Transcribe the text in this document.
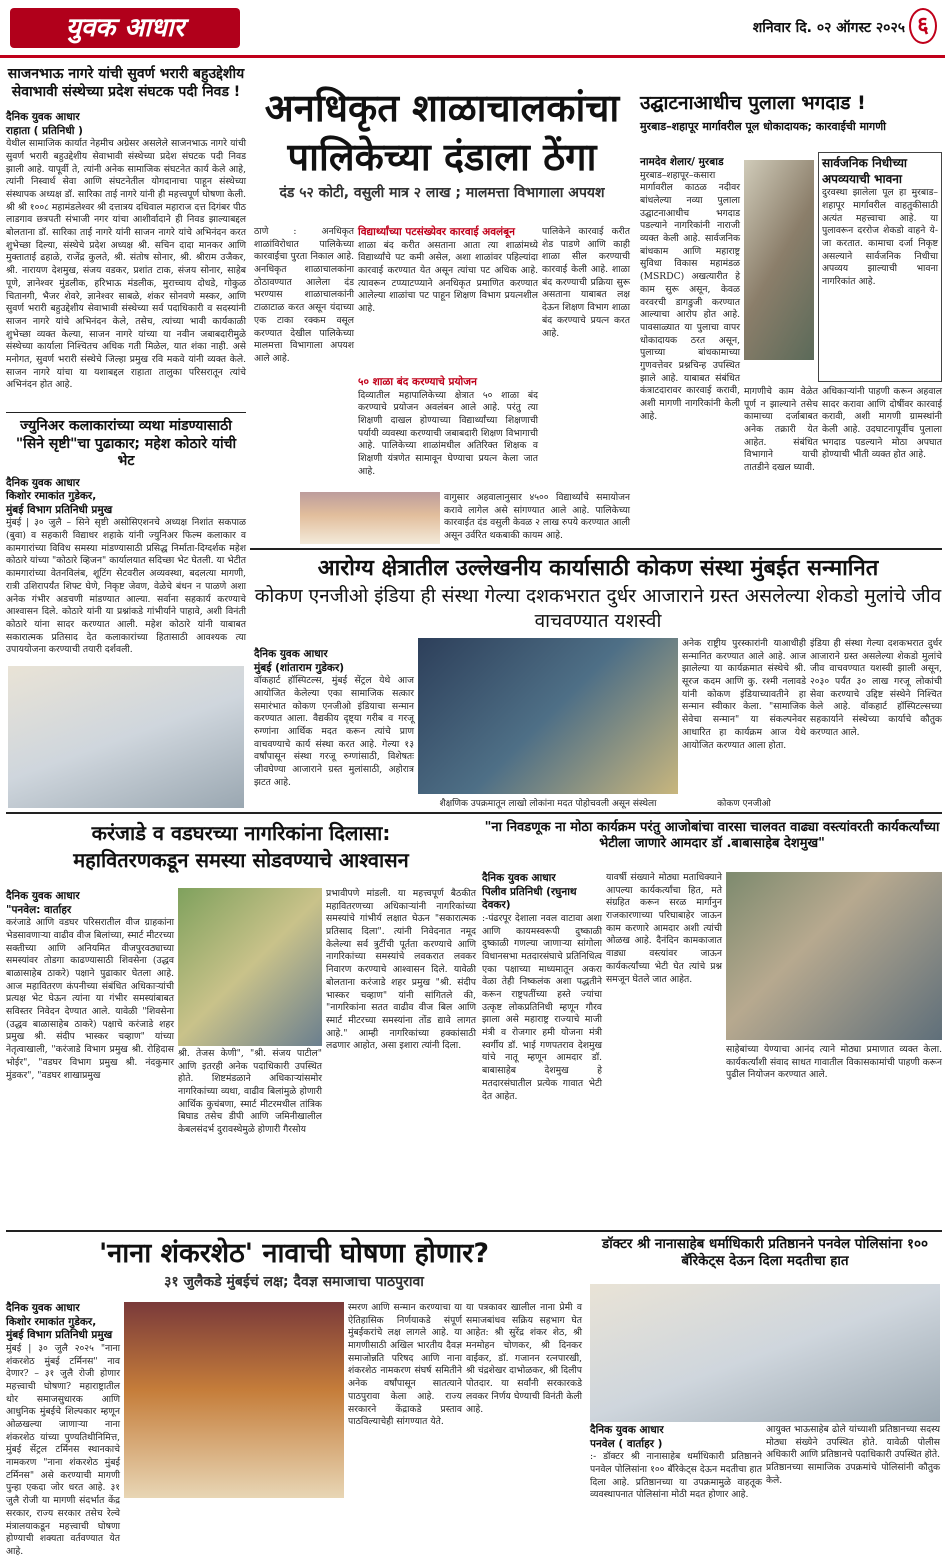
युवक आधार	शनिवार दि. ०२ ऑगस्ट २०२५ ६
साजनभाऊ नागरे यांची सुवर्ण भरारी बहुउद्देशीय सेवाभावी संस्थेच्या प्रदेश संघटक पदी निवड !
दैनिक युवक आधार
राहाता ( प्रतिनिधी )
येथील सामाजिक कार्यात नेहमीच अग्रेसर असलेले साजनभाऊ नागरे यांची सुवर्ण भरारी बहुउद्देशीय सेवाभावी संस्थेच्या प्रदेश संघटक पदी निवड झाली आहे. यापूर्वी ते, त्यांनी अनेक सामाजिक संघटनेत कार्य केले आहे, त्यांनी निस्वार्थ सेवा आणि संघटनेतील योगदानाचा पाहून संस्थेच्या संस्थापक अध्यक्ष डॉ. सारिका ताई नागरे यांनी ही महत्त्वपूर्ण घोषणा केली. श्री श्री १००८ महामंडलेश्वर श्री दत्तात्रय दधिवाल महाराज दत्त दिगंबर पीठ लाडगाव छत्रपती संभाजी नगर यांचा आशीर्वादाने ही निवड झाल्याबद्दल बोलताना डॉ. सारिका ताई नागरे यांनी साजन नागरे यांचे अभिनंदन करत शुभेच्छा दिल्या, संस्थेचे प्रदेश अध्यक्ष श्री. सचिन दादा मानकर आणि मुक्ताताई ढहाळे, राजेंद्र कुलते, श्री. संतोष सोनार, श्री. श्रीराम उजैकर, श्री. नारायण देशमुख, संजय वडकर, प्रशांत टाक, संजय सोनार, साहेब पूणे, ज्ञानेश्वर मुंडलीक, हरिभाऊ मंडलीक, मुराच्चाय दोधडे, गोकुळ चितानगी, भैजर शेवरे, ज्ञानेश्वर साबळे, शंकर सोनवणे मस्कर, आणि सुवर्ण भरारी बहुउद्देशीय सेवाभावी संस्थेच्या सर्व पदाधिकारी व सदस्यांनी साजन नागरे यांचे अभिनंदन केले, तसेच, त्यांच्या भावी कार्यकाळी शुभेच्छा व्यक्त केल्या, साजन नागरे यांच्या या नवीन जबाबदारीमुळे संस्थेच्या कार्याला निश्चितच अधिक गती मिळेल, यात शंका नाही. असे मनोगत, सुवर्ण भरारी संस्थेचे जिल्हा प्रमुख रवि मकवे यांनी व्यक्त केले. साजन नागरे यांचा या यशाबद्दल राहाता तालुका परिसरातून त्यांचे अभिनंदन होत आहे.
ज्युनिअर कलाकारांच्या व्यथा मांडण्यासाठी "सिने सृष्टी"चा पुढाकार; महेश कोठारे यांची भेट
दैनिक युवक आधार
किशोर रमाकांत गुडेकर,
मुंबई विभाग प्रतिनिधी प्रमुख
मुंबई | ३० जुलै – सिने सृष्टी असोसिएशनचे अध्यक्ष निशांत सकपाळ (बुवा) व सहकारी विद्याधर शहाके यांनी ज्युनिअर फिल्म कलाकार व कामगारांच्या विविध समस्या मांडण्यासाठी प्रसिद्ध निर्माता-दिग्दर्शक महेश कोठारे यांच्या "कोठारे व्हिजन" कार्यालयात सदिच्छा भेट घेतली. या भेटीत कामगारांच्या वेतनविलंब, शूटिंग सेटवरील अव्यवस्था, बदलत्या मागणी, रात्री उशिरापर्यंत शिफ्ट घेणे, निकृष्ट जेवण, वेळेचे बंधन न पाळणे अशा अनेक गंभीर अडचणी मांडण्यात आल्या. सर्वाना सहकार्य करण्याचे आश्वासन दिले. कोठारे यांनी या प्रश्नांकडे गांभीर्याने पाहावे, अशी विनंती कोठारे यांना सादर करण्यात आली. महेश कोठारे यांनी याबाबत सकारात्मक प्रतिसाद देत कलाकारांच्या हितासाठी आवश्यक त्या उपाययोजना करण्याची तयारी दर्शवली.
अनधिकृत शाळाचालकांचा
पालिकेच्या दंडाला ठेंगा
दंड ५२ कोटी, वसुली मात्र २ लाख ; मालमत्ता विभागाला अपयश
ठाणे : अनधिकृत शाळांविरोधात पालिकेच्या कारवाईचा पुरता निकाल आहे. अनधिकृत शाळाचालकांना ठोठावण्यात आलेला दंड भरण्यास शाळाचालकांनी टाळाटाळ करत असून यंदाच्या एक टाका रक्कम वसूल करण्यात देखील पालिकेच्या मालमत्ता विभागाला अपयश आले आहे.
विद्यार्थ्यांच्या पटसंख्येवर कारवाई अवलंबून
शाळा बंद करीत असताना आता त्या शाळांमध्ये विद्यार्थ्यांचे पट कमी असेल, अशा शाळांवर पहिल्यांदा कारवाई करण्यात येत असून त्यांचा पट अधिक आहे. त्यावरून टप्प्याटप्प्याने अनधिकृत प्रमाणित करण्यात आलेल्या शाळांचा पट पाहून शिक्षण विभाग प्रयत्नशील आहे.
५० शाळा बंद करण्याचे प्रयोजन
दिव्यातील महापालिकेच्या क्षेत्रात ५० शाळा बंद करण्याचे प्रयोजन अवलंबन आले आहे. परंतु त्या शिक्षणी दाखल होण्याच्या विद्यार्थ्यांच्या शिक्षणाची पर्यायी व्यवस्था करण्याची जबाबदारी शिक्षण विभागाची आहे. पालिकेच्या शाळांमधील अतिरिक्त शिक्षक व शिक्षणी यंत्रणेत सामावून घेण्याचा प्रयत्न केला जात आहे.
पालिकेने कारवाई करीत शेड पाडणे आणि काही शाळा सील करण्याची कारवाई केली आहे. शाळा बंद करण्याची प्रक्रिया सुरू असताना याबाबत लक्ष देऊन शिक्षण विभाग शाळा बंद करण्याचे प्रयत्न करत आहे.
वागुसार अहवालानुसार ४५०० विद्यार्थ्यांचे समायोजन करावे लागेल असे सांगण्यात आले आहे. पालिकेच्या कारवाईत दंड वसुली केवळ २ लाख रुपये करण्यात आली असून उर्वरित थकबाकी कायम आहे.
उद्घाटनाआधीच पुलाला भगदाड !
मुरबाड–शहापूर मार्गावरील पूल धोकादायक; कारवाईची मागणी
नामदेव शेलार/ मुरबाड
मुरबाड–शहापूर–कसारा मार्गावरील काठळ नदीवर बांधलेल्या नव्या पुलाला उद्घाटनाआधीच भगदाड पडल्याने नागरिकांनी नाराजी व्यक्त केली आहे. सार्वजनिक बांधकाम आणि महाराष्ट्र सुविधा विकास महामंडळ (MSRDC) अखत्यारीत हे काम सुरू असून, केवळ वरवरची डागडुजी करण्यात आल्याचा आरोप होत आहे. पावसाळ्यात या पुलाचा वापर धोकादायक ठरत असून, पुलाच्या बांधकामाच्या गुणवत्तेवर प्रश्नचिन्ह उपस्थित झाले आहे. याबाबत संबंधित कंत्राटदारावर कारवाई करावी, अशी मागणी नागरिकांनी केली आहे.
सार्वजनिक निधीच्या अपव्ययाची भावना
दुरवस्था झालेला पूल हा मुरबाड–शहापूर मार्गावरील वाहतुकीसाठी अत्यंत महत्त्वाचा आहे. या पुलावरून दररोज शेकडो वाहने ये-जा करतात. कामाचा दर्जा निकृष्ट असल्याने सार्वजनिक निधीचा अपव्यय झाल्याची भावना नागरिकांत आहे.
मागणीचे काम वेळेत पूर्ण न झाल्याने तसेच कामाच्या दर्जाबाबत अनेक तक्रारी येत आहेत. संबंधित विभागाने याची तातडीने दखल घ्यावी.
अधिकाऱ्यांनी पाहणी करून अहवाल सादर करावा आणि दोषींवर कारवाई करावी, अशी मागणी ग्रामस्थांनी केली आहे. उदघाटनापूर्वीच पुलाला भगदाड पडल्याने मोठा अपघात होण्याची भीती व्यक्त होत आहे.
आरोग्य क्षेत्रातील उल्लेखनीय कार्यासाठी कोकण संस्था मुंबईत सन्मानित
कोकण एनजीओ इंडिया ही संस्था गेल्या दशकभरात दुर्धर आजाराने ग्रस्त असलेल्या शेकडो मुलांचे जीव वाचवण्यात यशस्वी
दैनिक युवक आधार
मुंबई (शांताराम गुडेकर)
वॉकहार्ट हॉस्पिटल्स, मुंबई सेंट्रल येथे आज आयोजित केलेल्या एका सामाजिक सत्कार समारंभात कोकण एनजीओ इंडियाचा सन्मान करण्यात आला. वैद्यकीय दृष्ट्या गरीब व गरजू रुग्णांना आर्थिक मदत करून त्यांचे प्राण वाचवण्याचे कार्य संस्था करत आहे. गेल्या १३ वर्षांपासून संस्था गरजू रुग्णांसाठी, विशेषतः जीवघेण्या आजाराने ग्रस्त मुलांसाठी, अहोरात्र झटत आहे.
शैक्षणिक उपक्रमातून लाखो लोकांना मदत पोहोचवली असून संस्थेला
अनेक राष्ट्रीय पुरस्कारांनी याआधीही सन्मानित करण्यात आले आहे. आज झालेल्या या कार्यक्रमात संस्थेचे श्री. सूरज कदम आणि कु. रश्मी नलावडे यांनी कोकण इंडियाच्यावतीने हा सन्मान स्वीकार केला. "सामाजिक सेवेचा सन्मान" या संकल्पनेवर आधारित हा कार्यक्रम आज येथे आयोजित करण्यात आला होता.
इंडिया ही संस्था गेल्या दशकभरात दुर्धर आजाराने ग्रस्त असलेल्या शेकडो मुलांचे जीव वाचवण्यात यशस्वी झाली असून, २०३० पर्यंत ३० लाख गरजू लोकांची सेवा करण्याचे उद्दिष्ट संस्थेने निश्चित केले आहे. वॉकहार्ट हॉस्पिटल्सच्या सहकार्याने संस्थेच्या कार्याचे कौतुक करण्यात आले.
कोकण एनजीओ
करंजाडे व वडघरच्या नागरिकांना दिलासा:
महावितरणकडून समस्या सोडवण्याचे आश्वासन
दैनिक युवक आधार
"पनवेल: वार्ताहर
करंजाडे आणि वडघर परिसरातील वीज ग्राहकांना भेडसावणाऱ्या वाढीव वीज बिलांच्या, स्मार्ट मीटरच्या सक्तीच्या आणि अनियमित वीजपुरवठ्याच्या समस्यांवर तोडगा काढण्यासाठी शिवसेना (उद्धव बाळासाहेब ठाकरे) पक्षाने पुढाकार घेतला आहे. आज महावितरण कंपनीच्या संबंधित अधिकाऱ्यांची प्रत्यक्ष भेट घेऊन त्यांना या गंभीर समस्यांबाबत सविस्तर निवेदन देण्यात आले. यावेळी "शिवसेना (उद्धव बाळासाहेब ठाकरे) पक्षाचे करंजाडे शहर प्रमुख श्री. संदीप भास्कर चव्हाण" यांच्या नेतृत्वाखाली, "करंजाडे विभाग प्रमुख श्री. रोहिदास भोईर", "वडघर विभाग प्रमुख श्री. नंदकुमार मुंडकर", "वडघर शाखाप्रमुख
श्री. तेजस केणी", "श्री. संजय पाटील" आणि इतरही अनेक पदाधिकारी उपस्थित होते. शिष्टमंडळाने अधिकाऱ्यांसमोर नागरिकांच्या व्यथा, वाढीव बिलांमुळे होणारी आर्थिक कुचंबणा, स्मार्ट मीटरमधील तांत्रिक बिघाड तसेच डीपी आणि जमिनीखालील केबलसंदर्भ दुरावस्थेमुळे होणारी गैरसोय
प्रभावीपणे मांडली. या महत्त्वपूर्ण बैठकीत महावितरणच्या अधिकाऱ्यांनी नागरिकांच्या समस्यांचे गांभीर्य लक्षात घेऊन "सकारात्मक प्रतिसाद दिला". त्यांनी निवेदनात नमूद केलेल्या सर्व त्रुटींची पूर्तता करण्याचे आणि नागरिकांच्या समस्यांचे लवकरात लवकर निवारण करण्याचे आश्वासन दिले. यावेळी बोलताना करंजाडे शहर प्रमुख "श्री. संदीप भास्कर चव्हाण" यांनी सांगितले की, "नागरिकांना सतत वाढीव वीज बिल आणि स्मार्ट मीटरच्या समस्यांना तोंड द्यावे लागत आहे." आम्ही नागरिकांच्या हक्कांसाठी लढणार आहोत, असा इशारा त्यांनी दिला.
"ना निवडणूक ना मोठा कार्यक्रम परंतु आजोबांचा वारसा चालवत वाढ्या वस्त्यांवरती कार्यकर्त्यांच्या भेटीला जाणारे आमदार डॉ .बाबासाहेब देशमुख"
दैनिक युवक आधार
पिलीव प्रतिनिधी (रघुनाथ देवकर)
:-पंढरपूर देशाला नवल वाटावा अशा आणि कायमस्वरूपी दुष्काळी दुष्काळी गणल्या जाणाऱ्या सांगोला विधानसभा मतदारसंघाचे प्रतिनिधित्व एका पक्षाच्या माध्यमातून अकरा वेळा तेही निष्कलंक अशा पद्धतीने करून राष्ट्रपतींच्या हस्ते ज्यांचा उत्कृष्ट लोकप्रतिनिधी म्हणून गौरव झाला असे महाराष्ट्र राज्याचे माजी मंत्री व रोजगार हमी योजना मंत्री स्वर्गीय डॉ. भाई गणपतराव देशमुख यांचे नातू म्हणून आमदार डॉ. बाबासाहेब देशमुख हे मतदारसंघातील प्रत्येक गावात भेटी देत आहेत.
यावर्षी संख्याने मोठ्या मताधिक्याने आपल्या कार्यकर्त्यांचा हित, मते संग्रहित करून सरळ मार्गानुन राजकारणाच्या परिघाबाहेर जाऊन काम करणारे आमदार अशी त्यांची ओळख आहे. दैनंदिन कामकाजात वाड्या वस्त्यांवर जाऊन कार्यकर्त्यांच्या भेटी घेत त्यांचे प्रश्न समजून घेतले जात आहेत.
साहेबांच्या येण्याचा आनंद त्याने मोठ्या प्रमाणात व्यक्त केला. कार्यकर्त्यांशी संवाद साधत गावातील विकासकामांची पाहणी करून पुढील नियोजन करण्यात आले.
'नाना शंकरशेठ' नावाची घोषणा होणार?
३१ जुलैकडे मुंबईचं लक्ष; दैवज्ञ समाजाचा पाठपुरावा
दैनिक युवक आधार
किशोर रमाकांत गुडेकर,
मुंबई विभाग प्रतिनिधी प्रमुख
मुंबई | ३० जुलै २०२५ "नाना शंकरशेठ मुंबई टर्मिनस" नाव देणार? – ३१ जुलै रोजी होणार महत्त्वाची घोषणा? महाराष्ट्रातील थोर समाजसुधारक आणि आधुनिक मुंबईचे शिल्पकार म्हणून ओळखल्या जाणाऱ्या नाना शंकरशेठ यांच्या पुण्यतिथीनिमित्त, मुंबई सेंट्रल टर्मिनस स्थानकाचे नामकरण "नाना शंकरशेठ मुंबई टर्मिनस" असे करण्याची मागणी पुन्हा एकदा जोर धरत आहे. ३१ जुलै रोजी या मागणी संदर्भात केंद्र सरकार, राज्य सरकार तसेच रेल्वे मंत्रालयाकडून महत्त्वाची घोषणा होण्याची शक्यता वर्तवण्यात येत आहे.
स्मरण आणि सन्मान करण्याचा या ऐतिहासिक निर्णयाकडे संपूर्ण मुंबईकरांचे लक्ष लागले आहे. या मागणीसाठी अखिल भारतीय दैवज्ञ समाजोन्नति परिषद आणि नाना शंकरशेठ नामकरण संघर्ष समितीने अनेक वर्षांपासून सातत्याने पाठपुरावा केला आहे. राज्य सरकारने केंद्राकडे प्रस्ताव पाठविल्याचेही सांगण्यात येते.
या पत्रकावर खालील नाना प्रेमी व समाजबांधव सक्रिय सहभाग घेत आहेत: श्री सुरेंद्र शंकर शेठ, श्री मनमोहन चोणकर, श्री दिनकर वाईकर, डॉ. गजानन रत्नपारखी, श्री चंद्रशेखर दाभोळकर, श्री दिलीप पोतदार. या सर्वांनी सरकारकडे लवकर निर्णय घेण्याची विनंती केली आहे.
डॉक्टर श्री नानासाहेब धर्माधिकारी प्रतिष्ठानने पनवेल पोलिसांना १०० बॅरिकेट्स देऊन दिला मदतीचा हात
दैनिक युवक आधार
पनवेल ( वार्ताहर )
:- डॉक्टर श्री नानासाहेब धर्माधिकारी प्रतिष्ठानने पनवेल पोलिसांना १०० बॅरिकेट्स देऊन मदतीचा हात दिला आहे. प्रतिष्ठानच्या या उपक्रमामुळे वाहतूक व्यवस्थापनात पोलिसांना मोठी मदत होणार आहे.
आयुक्त भाऊसाहेब ढोले यांच्याशी प्रतिष्ठानच्या सदस्य मोठ्या संख्येने उपस्थित होते. यावेळी पोलीस अधिकारी आणि प्रतिष्ठानचे पदाधिकारी उपस्थित होते. प्रतिष्ठानच्या सामाजिक उपक्रमांचे पोलिसांनी कौतुक केले.
